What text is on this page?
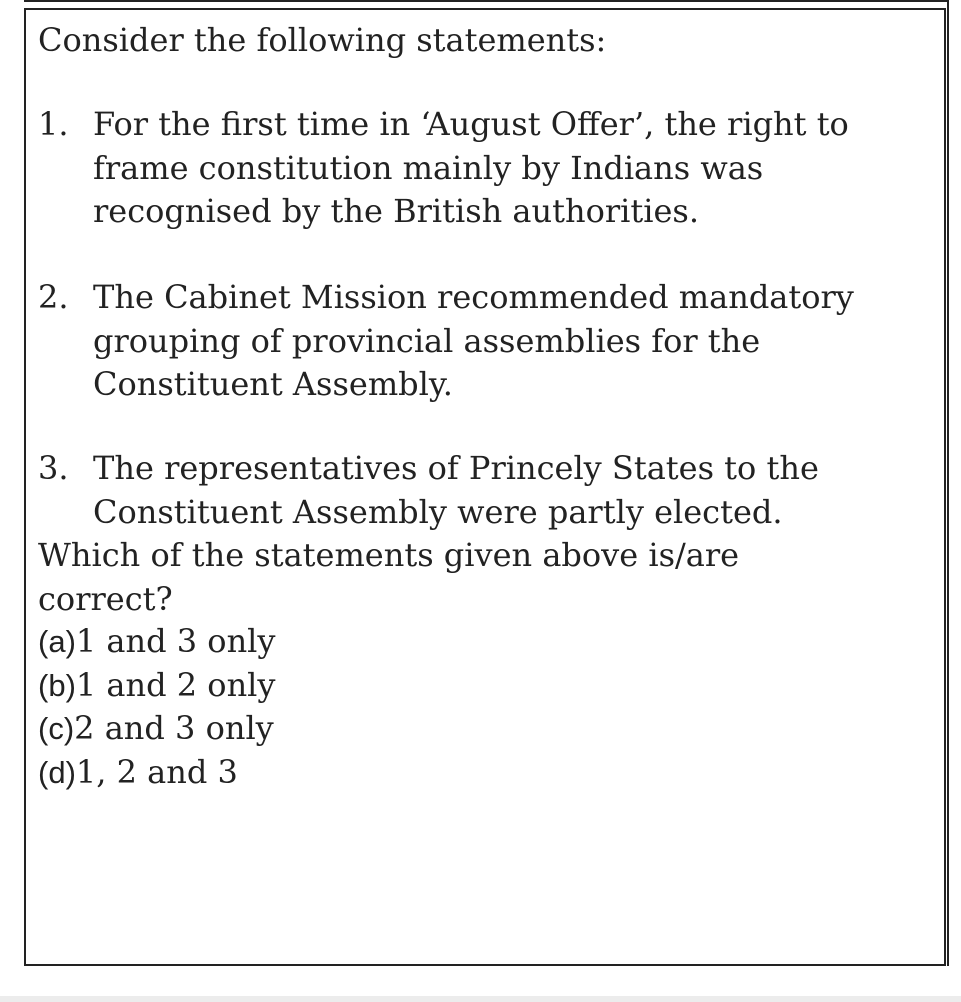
Consider the following statements:
1. For the first time in ‘August Offer’, the right to
frame constitution mainly by Indians was
recognised by the British authorities.
2. The Cabinet Mission recommended mandatory
grouping of provincial assemblies for the
Constituent Assembly.
3. The representatives of Princely States to the
Constituent Assembly were partly elected.
Which of the statements given above is/are
correct?
(a)1 and 3 only
(b)1 and 2 only
(c)2 and 3 only
(d)1, 2 and 3
